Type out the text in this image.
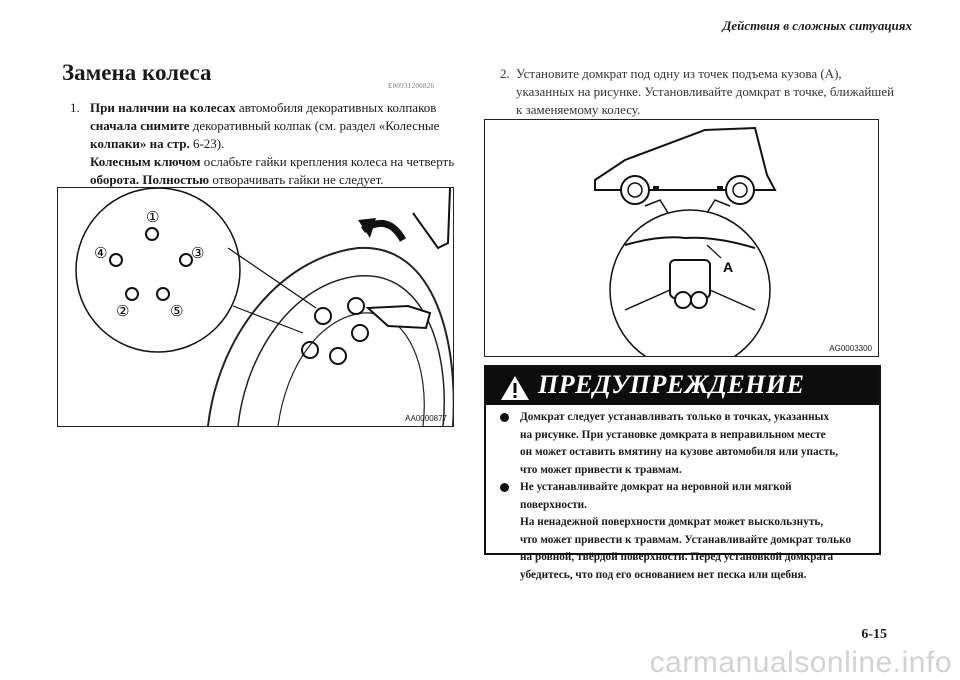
Действия в сложных ситуациях
Замена колеса
E00931200826
1. При наличии на колесах автомобиля декоративных колпаков сначала снимите декоративный колпак (см. раздел «Колесные колпаки» на стр. 6-23).
Колесным ключом ослабьте гайки крепления колеса на четверть оборота. Полностью отворачивать гайки не следует.
2. Установите домкрат под одну из точек подъема кузова (A), указанных на рисунке. Установливайте домкрат в точке, ближайшей к заменяемому колесу.
①
②
③
④
⑤
AA0000877
A
AG0003300
ПРЕДУПРЕЖДЕНИЕ

Домкрат следует устанавливать только в точках, указанных

на рисунке. При установке домкрата в неправильном месте

он может оставить вмятину на кузове автомобиля или упасть,

что может привести к травмам.

Не устанавливайте домкрат на неровной или мягкой

поверхности.

На ненадежной поверхности домкрат может выскользнуть,

что может привести к травмам. Устанавливайте домкрат только

на ровной, твёрдой поверхности. Перед установкой домкрата

убедитесь, что под его основанием нет песка или щебня.

6-15
carmanualsonline.info
